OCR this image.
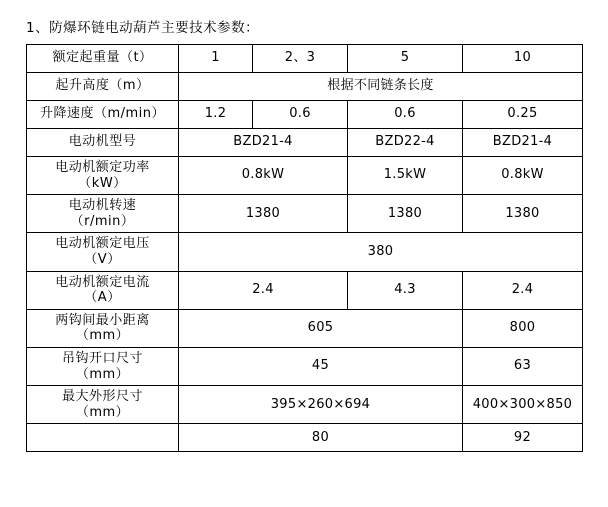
1、防爆环链电动葫芦主要技术参数：
额定起重量（t）	1	2、3	5	10
起升高度（m）	根据不同链条长度			
升降速度（m/min）	1.2	0.6	0.6	0.25
电动机型号	BZD21-4		BZD22-4	BZD21-4

电动机额定功率
（kW）	0.8kW		1.5kW	0.8kW

电动机转速
（r/min）	1380		1380	1380

电动机额定电压
（V）	380			

电动机额定电流
（A）	2.4		4.3	2.4

两钩间最小距离
（mm）	605			800

吊钩开口尺寸
（mm）	45			63

最大外形尺寸
（mm）	395×260×694			400×300×850
	80			92
